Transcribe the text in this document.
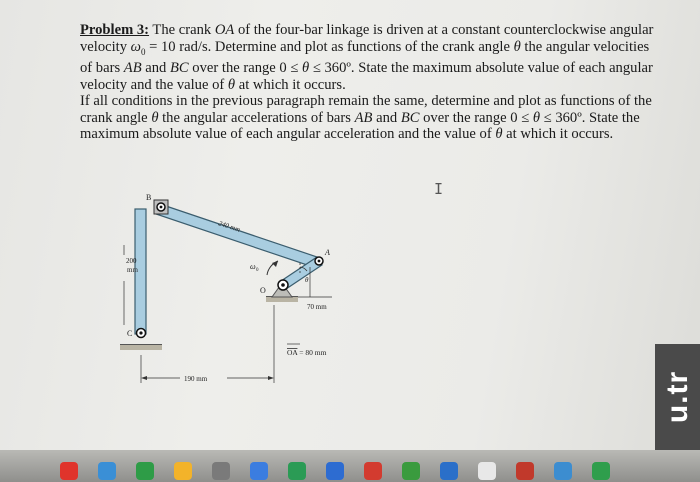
Problem 3: The crank OA of the four-bar linkage is driven at a constant counterclockwise angular velocity $\omega_0 = 10$ rad/s. Determine and plot as functions of the crank angle θ the angular velocities of bars AB and BC over the range 0 ≤ θ ≤ 360º. State the maximum absolute value of each angular velocity and the value of θ at which it occurs.

If all conditions in the previous paragraph remain the same, determine and plot as functions of the crank angle θ the angular accelerations of bars AB and BC over the range 0 ≤ θ ≤ 360º. State the maximum absolute value of each angular acceleration and the value of θ at which it occurs.

I
B
A
C
O
ω 0
θ
240 mm
200
mm
70 mm
OA = 80 mm
190 mm	u.tr
